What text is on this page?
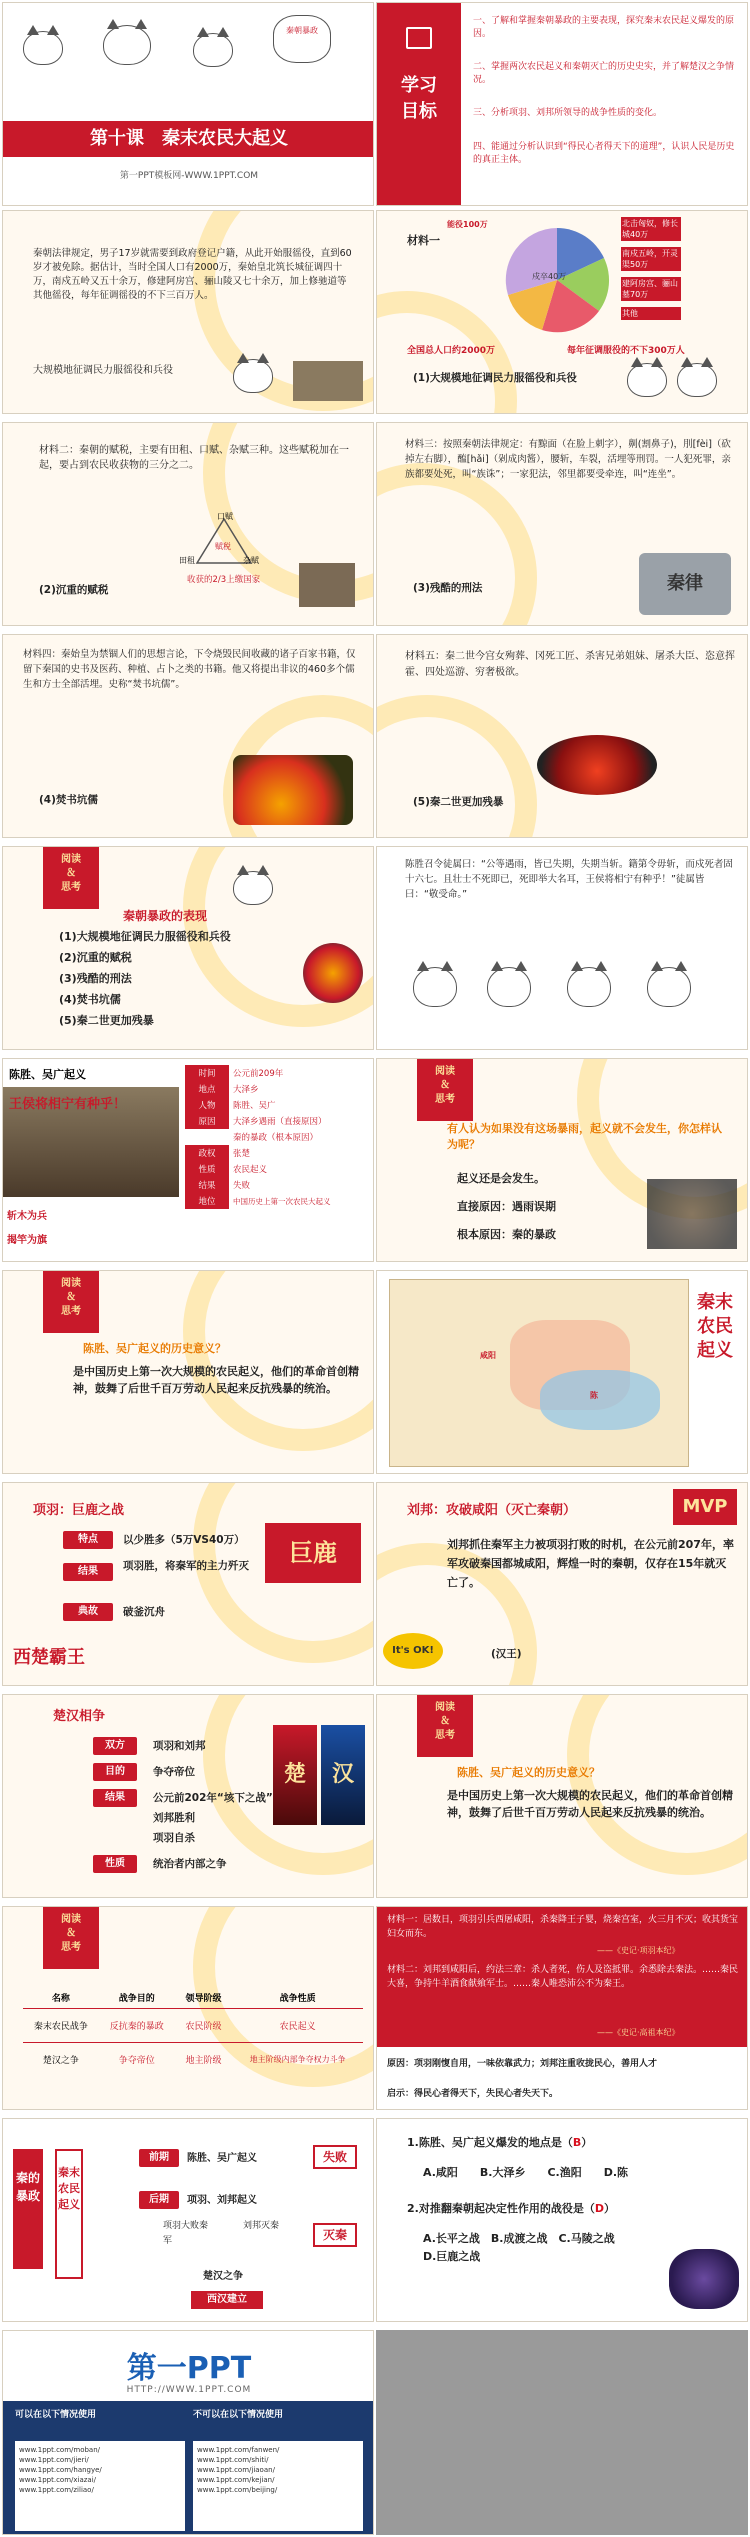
秦朝暴政
第十课　秦末农民大起义
第一PPT模板网-WWW.1PPT.COM
学习
目标
一、了解和掌握秦朝暴政的主要表现，探究秦末农民起义爆发的原因。
二、掌握两次农民起义和秦朝灭亡的历史史实，并了解楚汉之争情况。
三、分析项羽、刘邦所领导的战争性质的变化。
四、能通过分析认识到“得民心者得天下的道理”，认识人民是历史的真正主体。
秦朝法律规定，男子17岁就需要到政府登记户籍，从此开始服徭役，直到60岁才被免除。据估计，当时全国人口有2000万，秦始皇北筑长城征调四十万，南戍五岭又五十余万，修建阿房宫、骊山陵又七十余万，加上修驰道等其他徭役，每年征调徭役的不下三百万人。
大规模地征调民力服徭役和兵役
材料一
能役100万
戍卒40万
北击匈奴，修长城40万
南戍五岭，开灵渠50万
建阿房宫、骊山墓70万
其他
全国总人口约2000万	每年征调服役的不下300万人
(1)大规模地征调民力服徭役和兵役
材料二：秦朝的赋税，主要有田租、口赋、杂赋三种。这些赋税加在一起，要占到农民收获物的三分之二。
口赋
田租	杂赋
赋税
收获的2/3上缴国家
(2)沉重的赋税
材料三：按照秦朝法律规定：有黥面（在脸上刺字），劓(割鼻子)，刖[fèi]（砍掉左右脚），醢[hǎi]（剁成肉酱），腰斩，车裂，活埋等刑罚。一人犯死罪，亲族都要处死，叫“族诛”；一家犯法，邻里都要受牵连，叫“连坐”。
秦律
(3)残酷的刑法
材料四：秦始皇为禁锢人们的思想言论，下令烧毁民间收藏的诸子百家书籍，仅留下秦国的史书及医药、种植、占卜之类的书籍。他又将提出非议的460多个儒生和方士全部活埋。史称“焚书坑儒”。
(4)焚书坑儒
材料五：秦二世今宫女殉葬、冈死工匠、杀害兄弟姐妹、屠杀大臣、恣意挥霍、四处巡游、穷奢极欲。
(5)秦二世更加残暴
阅读
＆
思考
秦朝暴政的表现
(1)大规模地征调民力服徭役和兵役
(2)沉重的赋税
(3)残酷的刑法
(4)焚书坑儒
(5)秦二世更加残暴
陈胜召令徒属曰：“公等遇雨，皆已失期，失期当斩。籍第令毋斩，而戍死者固十六七。且壮士不死即已，死即举大名耳，王侯将相宁有种乎！”徒属皆曰：“敬受命。”
陈胜、吴广起义
王侯将相宁有种乎！
斩木为兵
揭竿为旗
时间	公元前209年
地点	大泽乡
人物	陈胜、吴广
原因	大泽乡遇雨（直接原因）
	秦的暴政（根本原因）
政权	张楚
性质	农民起义
结果	失败
地位	中国历史上第一次农民大起义
阅读
＆
思考
有人认为如果没有这场暴雨，起义就不会发生，你怎样认为呢？
起义还是会发生。
直接原因：遇雨误期
根本原因：秦的暴政
阅读
＆
思考
陈胜、吴广起义的历史意义？
是中国历史上第一次大规模的农民起义，他们的革命首创精神，鼓舞了后世千百万劳动人民起来反抗残暴的统治。
咸阳
陈
秦末农民起义
项羽：巨鹿之战
特点	以少胜多（5万VS40万）
结果	项羽胜，将秦军的主力歼灭
典故	破釜沉舟
巨鹿
西楚霸王
刘邦：攻破咸阳（灭亡秦朝）	MVP
刘邦抓住秦军主力被项羽打败的时机，在公元前207年，率军攻破秦国都城咸阳，辉煌一时的秦朝，仅存在15年就灭亡了。
It's OK!	(汉王)
楚汉相争
双方	项羽和刘邦
目的	争夺帝位
结果	公元前202年“垓下之战”
刘邦胜利
项羽自杀
性质	统治者内部之争
楚	汉
阅读
＆
思考
陈胜、吴广起义的历史意义？
是中国历史上第一次大规模的农民起义，他们的革命首创精神，鼓舞了后世千百万劳动人民起来反抗残暴的统治。
阅读
＆
思考
名称	战争目的	领导阶级	战争性质
秦末农民战争	反抗秦的暴政	农民阶级	农民起义
楚汉之争	争夺帝位	地主阶级	地主阶级内部争夺权力斗争
材料一：居数日，项羽引兵西屠咸阳，杀秦降王子婴，烧秦宫室，火三月不灭；收其货宝妇女而东。
——《史记·项羽本纪》
材料二：刘邦到咸阳后，约法三章：杀人者死，伤人及盗抵罪。余悉除去秦法。……秦民大喜，争持牛羊酒食献飨军士。……秦人唯恐沛公不为秦王。
——《史记·高祖本纪》
原因：项羽刚愎自用，一味依靠武力；刘邦注重收拢民心，善用人才
启示：得民心者得天下，失民心者失天下。
秦的暴政
秦末农民起义
前期	陈胜、吴广起义	失败
后期	项羽、刘邦起义
灭秦
项羽大败秦军
刘邦灭秦
楚汉之争
西汉建立
1.陈胜、吴广起义爆发的地点是（B）
A.咸阳　　B.大泽乡　　C.渔阳　　D.陈
2.对推翻秦朝起决定性作用的战役是（D）
A.长平之战　B.成渡之战　C.马陵之战
D.巨鹿之战
第一PPT
HTTP://WWW.1PPT.COM
可以在以下情况使用	不可以在以下情况使用
www.1ppt.com/moban/
www.1ppt.com/jieri/
www.1ppt.com/hangye/
www.1ppt.com/xiazai/
www.1ppt.com/ziliao/
www.1ppt.com/fanwen/
www.1ppt.com/shiti/
www.1ppt.com/jiaoan/
www.1ppt.com/kejian/
www.1ppt.com/beijing/
